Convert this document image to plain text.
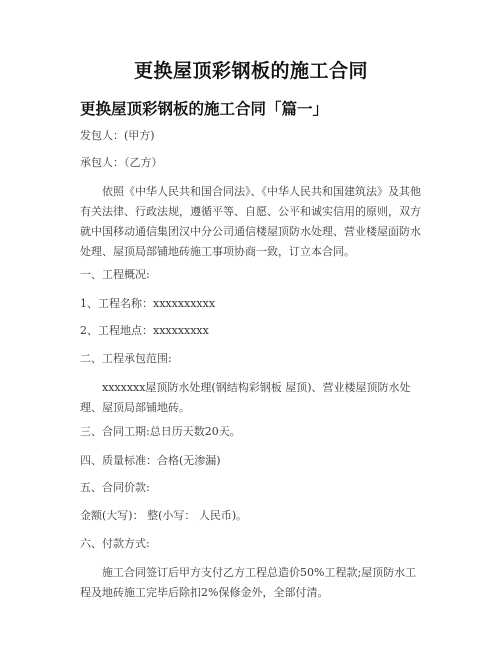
更换屋顶彩钢板的施工合同
更换屋顶彩钢板的施工合同「篇一」

发包人：(甲方)

承包人：（乙方）

依照《中华人民共和国合同法》、《中华人民共和国建筑法》及其他有关法律、行政法规，遵循平等、自愿、公平和诚实信用的原则，双方就中国移动通信集团汉中分公司通信楼屋顶防水处理、营业楼屋面防水处理、屋顶局部铺地砖施工事项协商一致，订立本合同。

一、工程概况:

1、工程名称：xxxxxxxxxx

2、工程地点：xxxxxxxxx

二、工程承包范围:

xxxxxxx屋顶防水处理(钢结构彩钢板 屋顶)、营业楼屋顶防水处理、屋顶局部铺地砖。

三、合同工期:总日历天数20天。

四、质量标准：合格(无渗漏)

五、合同价款:

金额(大写)： 整(小写： 人民币)。

六、付款方式:

施工合同签订后甲方支付乙方工程总造价50%工程款;屋顶防水工程及地砖施工完毕后除扣2%保修金外，全部付清。
